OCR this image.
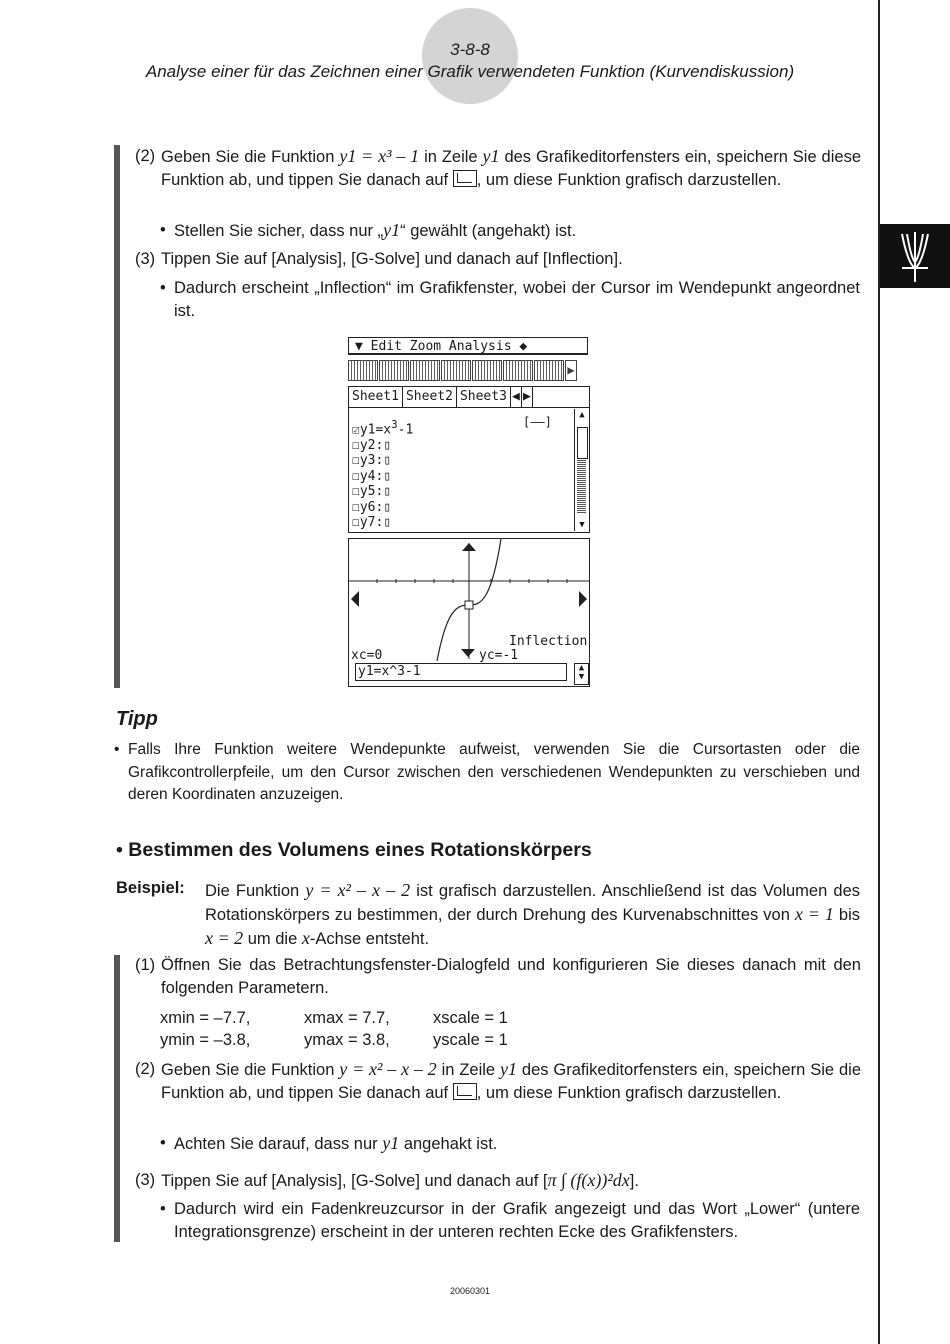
3-8-8
Analyse einer für das Zeichnen einer Grafik verwendeten Funktion (Kurvendiskussion)
(2) Geben Sie die Funktion y1 = x³ – 1 in Zeile y1 des Grafikeditorfensters ein, speichern Sie diese Funktion ab, und tippen Sie danach auf , um diese Funktion grafisch darzustellen.
• Stellen Sie sicher, dass nur „y1“ gewählt (angehakt) ist.
(3) Tippen Sie auf [Analysis], [G-Solve] und danach auf [Inflection].
• Dadurch erscheint „Inflection“ im Grafikfenster, wobei der Cursor im Wendepunkt angeordnet ist.
▼ Edit Zoom Analysis ◆
▶
Sheet1 Sheet2 Sheet3 ◀ ▶
$☑y1=x^3-1$
☐y2:▯
☐y3:▯
☐y4:▯
☐y5:▯
☐y6:▯
☐y7:▯
[——]	▲
▼
Inflection
xc=0	yc=-1
y1=x^3-1	▲
▼
Tipp
• Falls Ihre Funktion weitere Wendepunkte aufweist, verwenden Sie die Cursortasten oder die Grafikcontrollerpfeile, um den Cursor zwischen den verschiedenen Wendepunkten zu verschieben und deren Koordinaten anzuzeigen.
• Bestimmen des Volumens eines Rotationskörpers
Beispiel: Die Funktion y = x² – x – 2 ist grafisch darzustellen. Anschließend ist das Volumen des Rotationskörpers zu bestimmen, der durch Drehung des Kurvenabschnittes von x = 1 bis x = 2 um die x-Achse entsteht.
(1) Öffnen Sie das Betrachtungsfenster-Dialogfeld und konfigurieren Sie dieses danach mit den folgenden Parametern.
xmin = –7.7,	xmax = 7.7,	xscale = 1
ymin = –3.8,	ymax = 3.8,	yscale = 1
(2) Geben Sie die Funktion y = x² – x – 2 in Zeile y1 des Grafikeditorfensters ein, speichern Sie die Funktion ab, und tippen Sie danach auf , um diese Funktion grafisch darzustellen.
• Achten Sie darauf, dass nur y1 angehakt ist.
(3) Tippen Sie auf [Analysis], [G-Solve] und danach auf [π ∫ (f(x))²dx].
• Dadurch wird ein Fadenkreuzcursor in der Grafik angezeigt und das Wort „Lower“ (untere Integrationsgrenze) erscheint in der unteren rechten Ecke des Grafikfensters.
20060301
